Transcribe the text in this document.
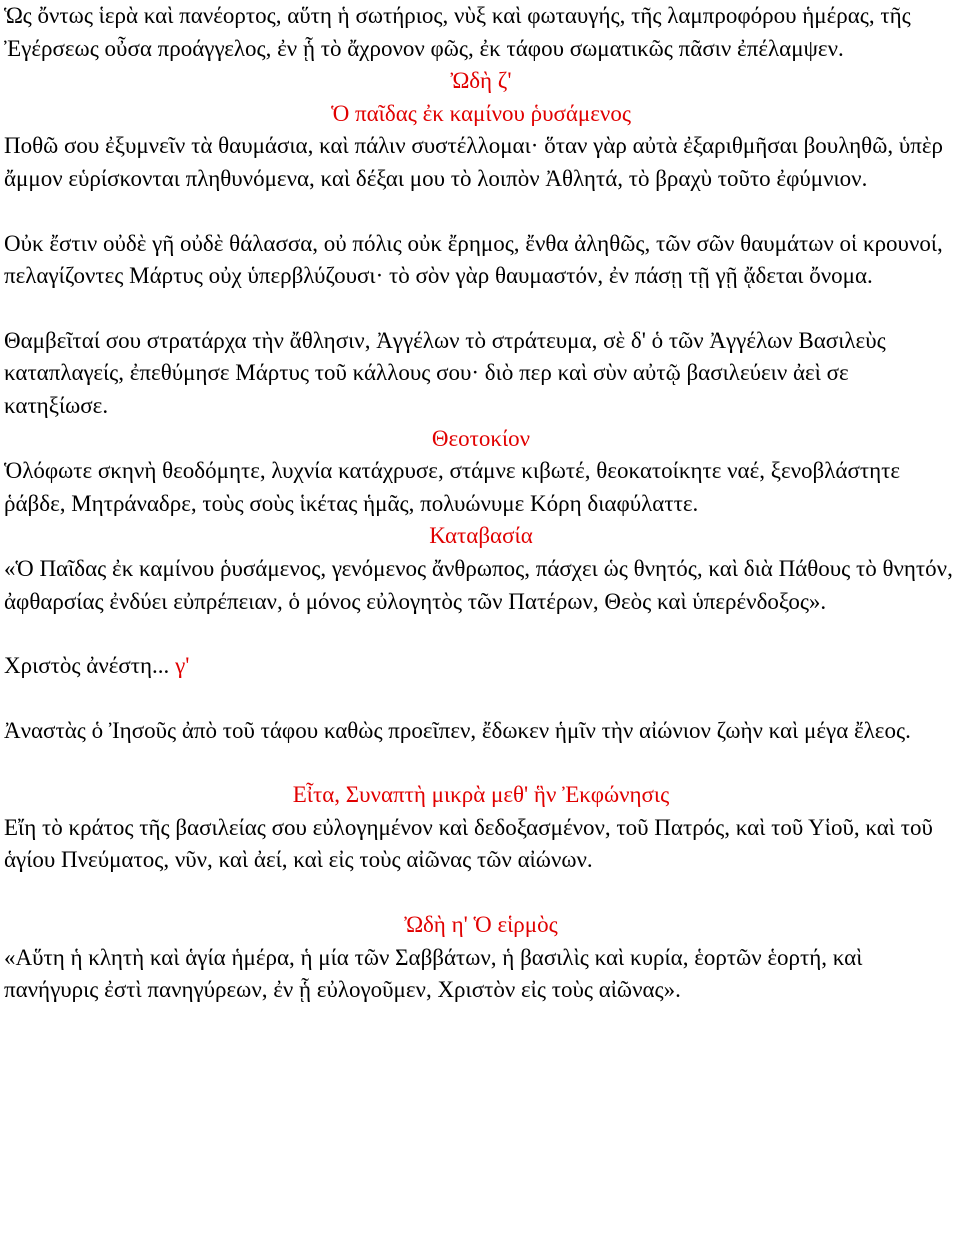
Ὡς ὄντως ἱερὰ καὶ πανέορτος, αὕτη ἡ σωτήριος, νὺξ καὶ φωταυγής, τῆς λαμπροφόρου ἡμέρας, τῆς Ἐγέρσεως οὖσα προάγγελος, ἐν ᾗ τὸ ἄχρονον φῶς, ἐκ τάφου σωματικῶς πᾶσιν ἐπέλαμψεν.

Ὠδὴ ζ'

Ὁ παῖδας ἐκ καμίνου ῥυσάμενος

Ποθῶ σου ἐξυμνεῖν τὰ θαυμάσια, καὶ πάλιν συστέλλομαι· ὅταν γὰρ αὐτὰ ἐξαριθμῆσαι βουληθῶ, ὑπὲρ ἄμμον εὑρίσκονται πληθυνόμενα, καὶ δέξαι μου τὸ λοιπὸν Ἀθλητά, τὸ βραχὺ τοῦτο ἐφύμνιον.

Οὐκ ἔστιν οὐδὲ γῆ οὐδὲ θάλασσα, οὐ πόλις οὐκ ἔρημος, ἔνθα ἀληθῶς, τῶν σῶν θαυμάτων οἱ κρουνοί, πελαγίζοντες Μάρτυς οὐχ ὑπερβλύζουσι· τὸ σὸν γὰρ θαυμαστόν, ἐν πάσῃ τῇ γῇ ᾄδεται ὄνομα.

Θαμβεῖταί σου στρατάρχα τὴν ἄθλησιν, Ἀγγέλων τὸ στράτευμα, σὲ δ' ὁ τῶν Ἀγγέλων Βασιλεὺς καταπλαγείς, ἐπεθύμησε Μάρτυς τοῦ κάλλους σου· διὸ περ καὶ σὺν αὐτῷ βασιλεύειν ἀεὶ σε κατηξίωσε.

Θεοτοκίον

Ὁλόφωτε σκηνὴ θεοδόμητε, λυχνία κατάχρυσε, στάμνε κιβωτέ, θεοκατοίκητε ναέ, ξενοβλάστητε ῥάβδε, Μητράναδρε, τοὺς σοὺς ἱκέτας ἡμᾶς, πολυώνυμε Κόρη διαφύλαττε.

Καταβασία

«Ὁ Παῖδας ἐκ καμίνου ῥυσάμενος, γενόμενος ἄνθρωπος, πάσχει ὡς θνητός, καὶ διὰ Πάθους τὸ θνητόν, ἀφθαρσίας ἐνδύει εὐπρέπειαν, ὁ μόνος εὐλογητὸς τῶν Πατέρων, Θεὸς καὶ ὑπερένδοξος».

Χριστὸς ἀνέστη... γ'

Ἀναστὰς ὁ Ἰησοῦς ἀπὸ τοῦ τάφου καθὼς προεῖπεν, ἔδωκεν ἡμῖν τὴν αἰώνιον ζωὴν καὶ μέγα ἔλεος.

Εἶτα, Συναπτὴ μικρὰ μεθ' ἣν Ἐκφώνησις

Εἴη τὸ κράτος τῆς βασιλείας σου εὐλογημένον καὶ δεδοξασμένον, τοῦ Πατρός, καὶ τοῦ Υἱοῦ, καὶ τοῦ ἁγίου Πνεύματος, νῦν, καὶ ἀεί, καὶ εἰς τοὺς αἰῶνας τῶν αἰώνων.

Ὠδὴ η' Ὁ εἱρμὸς

«Αὕτη ἡ κλητὴ καὶ ἁγία ἡμέρα, ἡ μία τῶν Σαββάτων, ἡ βασιλὶς καὶ κυρία, ἑορτῶν ἑορτή, καὶ πανήγυρις ἐστὶ πανηγύρεων, ἐν ᾗ εὐλογοῦμεν, Χριστὸν εἰς τοὺς αἰῶνας».
